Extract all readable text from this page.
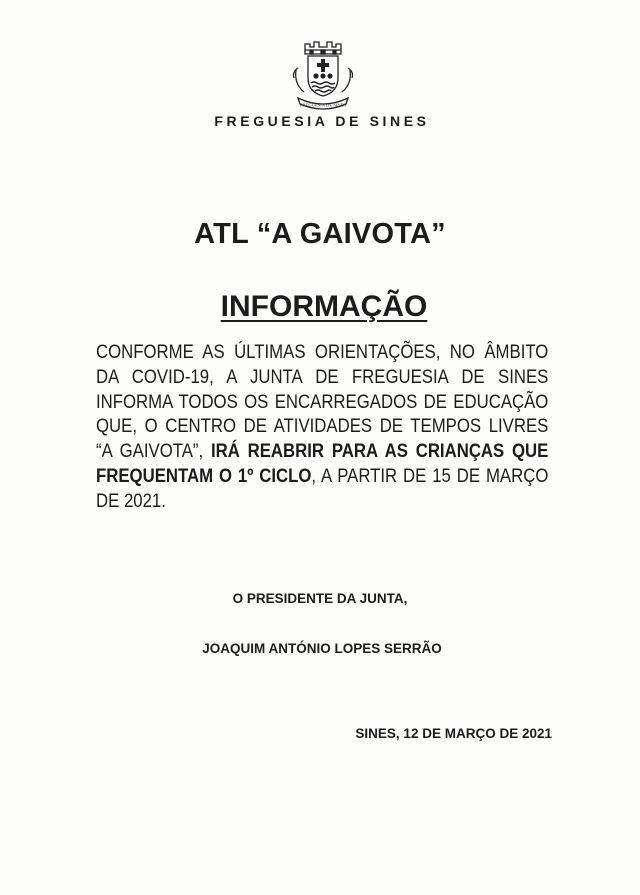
FREGUESIA DE SINES
FREGUESIA DE SINES
ATL “A GAIVOTA”
INFORMAÇÃO
CONFORME AS ÚLTIMAS ORIENTAÇÕES, NO ÂMBITO DA COVID-19, A JUNTA DE FREGUESIA DE SINES INFORMA TODOS OS ENCARREGADOS DE EDUCAÇÃO QUE, O CENTRO DE ATIVIDADES DE TEMPOS LIVRES “A GAIVOTA”, IRÁ REABRIR PARA AS CRIANÇAS QUE FREQUENTAM O 1º CICLO, A PARTIR DE 15 DE MARÇO DE 2021.
O PRESIDENTE DA JUNTA,
JOAQUIM ANTÓNIO LOPES SERRÃO
SINES, 12 DE MARÇO DE 2021
